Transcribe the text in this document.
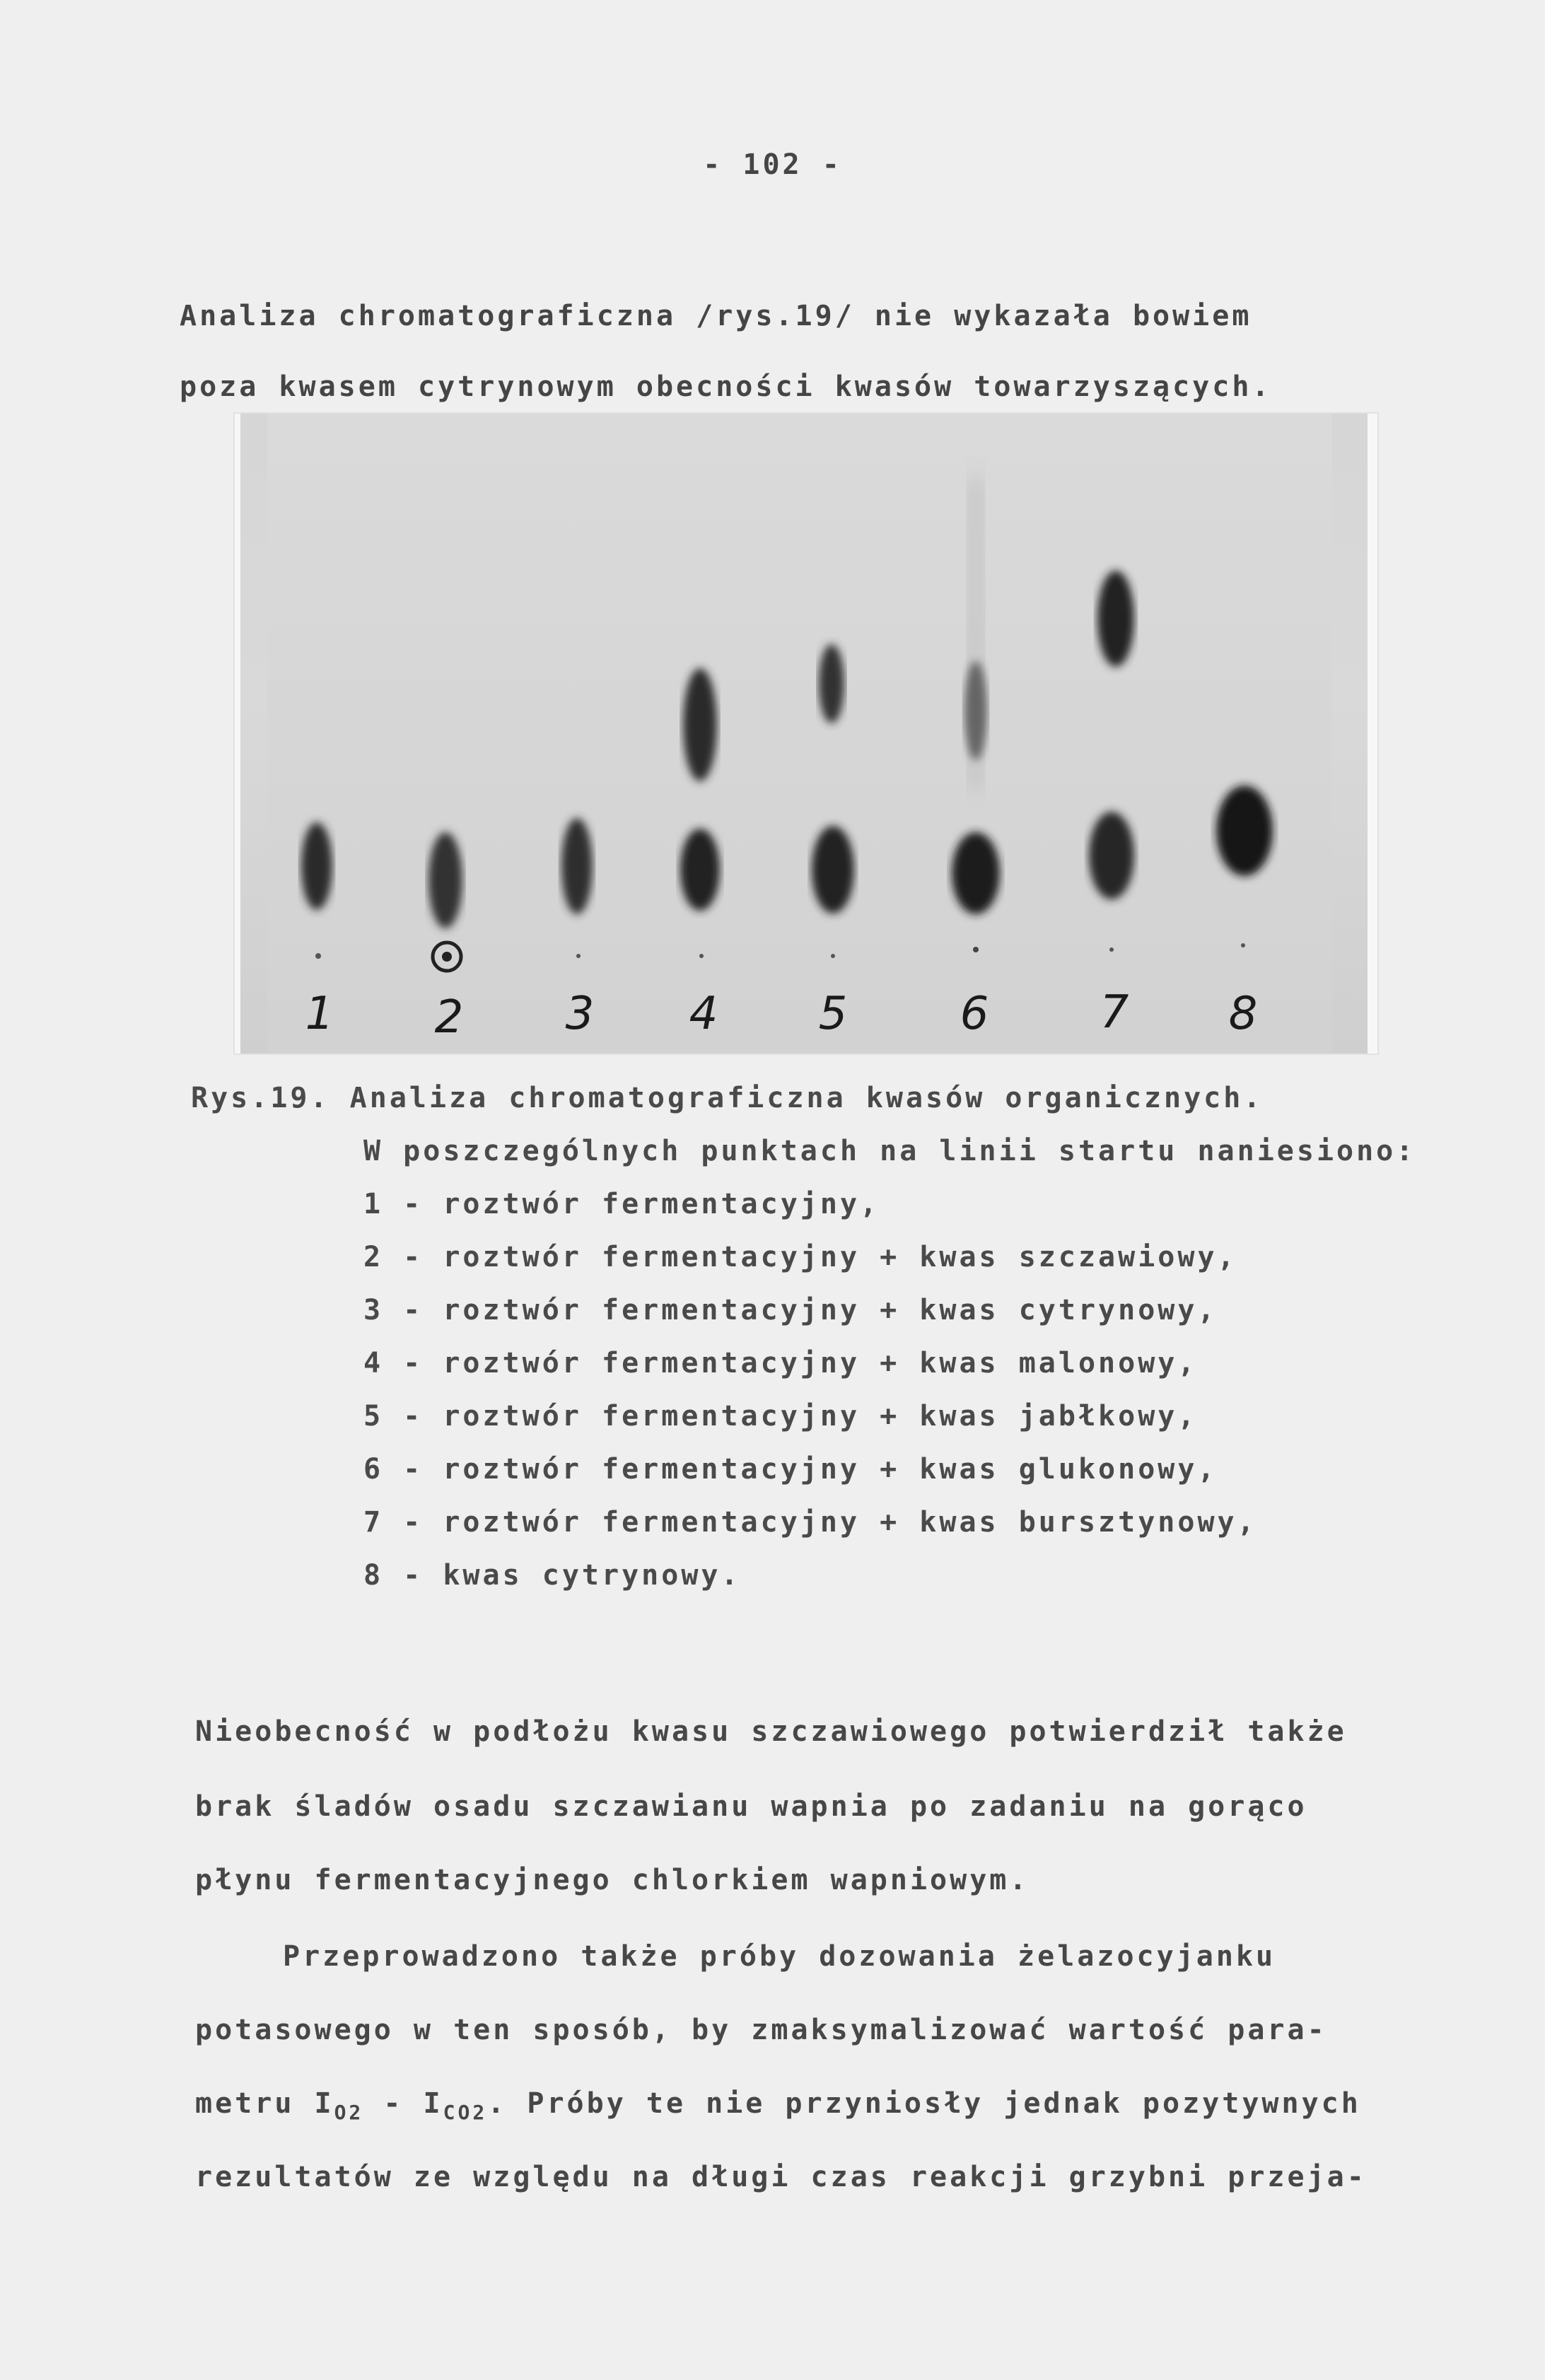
- 102 -
Analiza chromatograficzna /rys.19/ nie wykazała bowiem
poza kwasem cytrynowym obecności kwasów towarzyszących.
1 2 3 4 5 6 7 8
Rys.19. Analiza chromatograficzna kwasów organicznych.
W poszczególnych punktach na linii startu naniesiono:
1 - roztwór fermentacyjny,
2 - roztwór fermentacyjny + kwas szczawiowy,
3 - roztwór fermentacyjny + kwas cytrynowy,
4 - roztwór fermentacyjny + kwas malonowy,
5 - roztwór fermentacyjny + kwas jabłkowy,
6 - roztwór fermentacyjny + kwas glukonowy,
7 - roztwór fermentacyjny + kwas bursztynowy,
8 - kwas cytrynowy.
Nieobecność w podłożu kwasu szczawiowego potwierdził także
brak śladów osadu szczawianu wapnia po zadaniu na gorąco
płynu fermentacyjnego chlorkiem wapniowym.
Przeprowadzono także próby dozowania żelazocyjanku
potasowego w ten sposób, by zmaksymalizować wartość para-
metru $I_{O2} - I_{CO2}$. Próby te nie przyniosły jednak pozytywnych
rezultatów ze względu na długi czas reakcji grzybni przeja-
